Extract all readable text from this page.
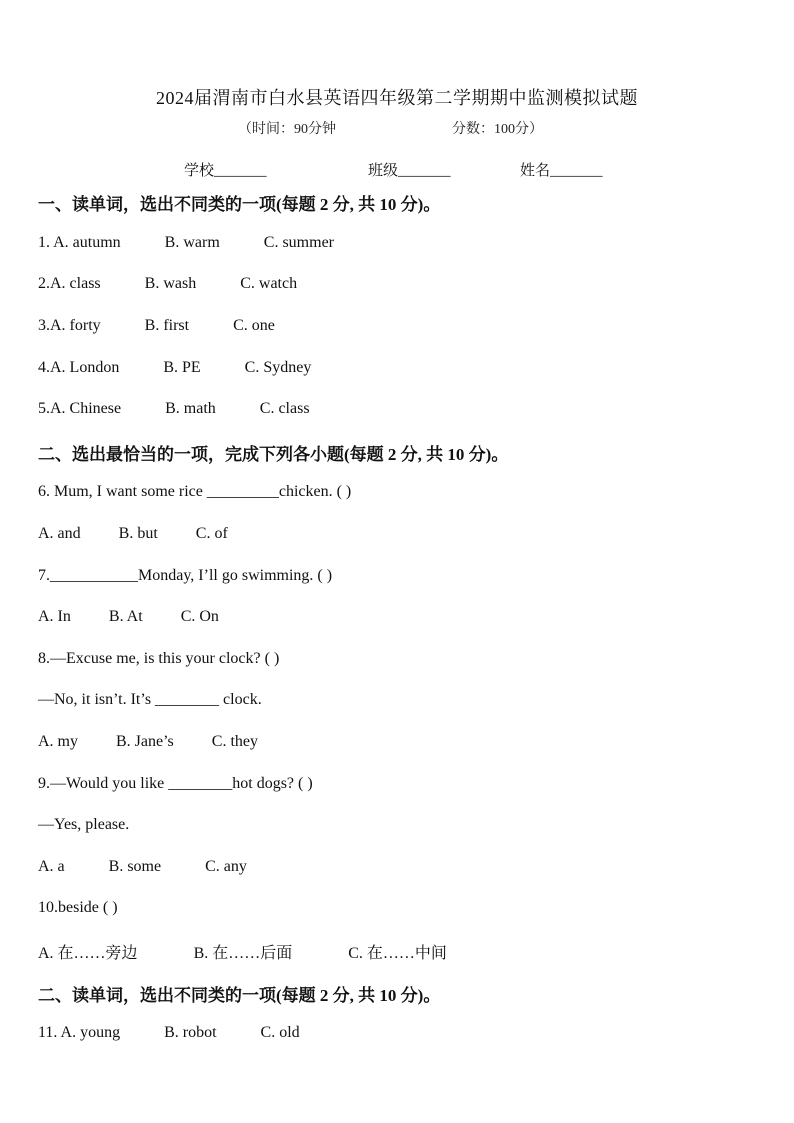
2024届渭南市白水县英语四年级第二学期期中监测模拟试题
（时间：90分钟	分数：100分）
学校_______	班级_______	姓名_______
一、读单词，选出不同类的一项(每题 2 分, 共 10 分)。
1. A. autumn	B. warm	C. summer
2.A. class	B. wash	C. watch
3.A. forty	B. first	C. one
4.A. London	B. PE	C. Sydney
5.A. Chinese	B. math	C. class
二、选出最恰当的一项，完成下列各小题(每题 2 分, 共 10 分)。
6. Mum, I want some rice _________chicken. ( )
A. and B. but C. of
7.___________Monday, I’ll go swimming. ( )
A. In B. At C. On
8.—Excuse me, is this your clock? ( )
—No, it isn’t. It’s ________ clock.
A. my B. Jane’s C. they
9.—Would you like ________hot dogs? ( )
—Yes, please.
A. a	B. some	C. any
10.beside ( )
A. 在……旁边	B. 在……后面	C. 在……中间
二、读单词，选出不同类的一项(每题 2 分, 共 10 分)。
11. A. young	B. robot	C. old
